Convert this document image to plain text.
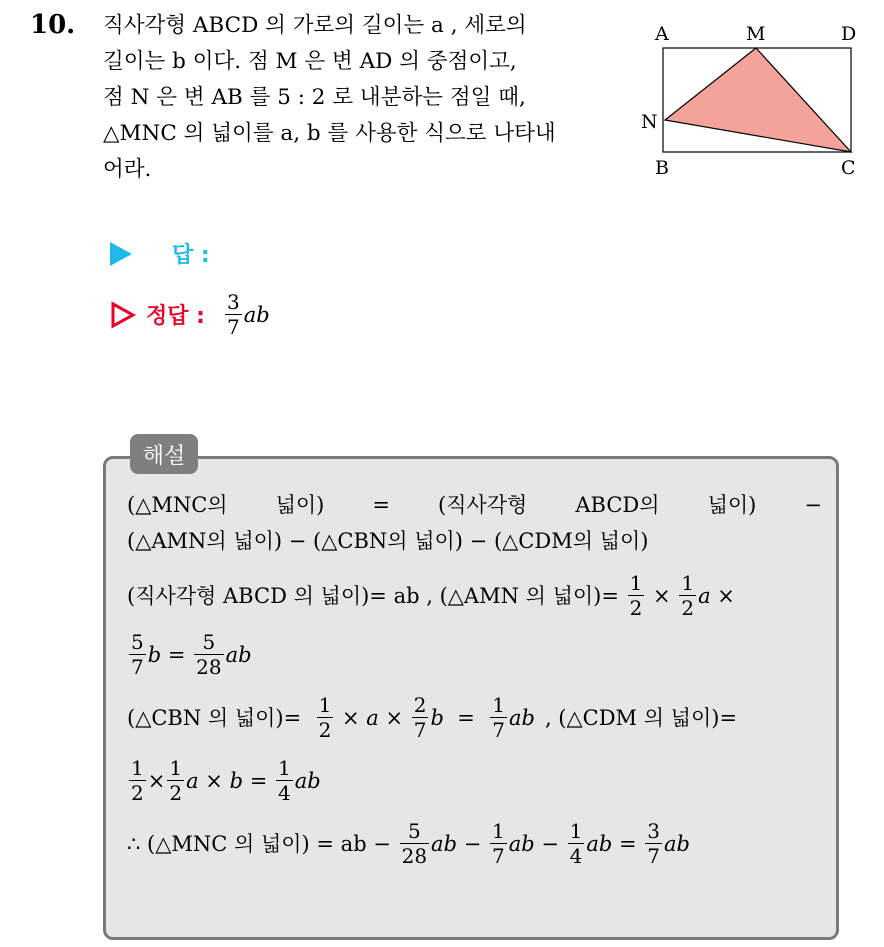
10. 직사각형 ABCD 의 가로의 길이는 a , 세로의
길이는 b 이다. 점 M 은 변 AD 의 중점이고,
점 N 은 변 AB 를 5 : 2 로 내분하는 점일 때,
△MNC 의 넓이를 a, b 를 사용한 식으로 나타내
어라.
A	M	D
N
B	C
답 :
정답 : $\frac{3}{7}$ ab
해설
(△MNC의 넓이) = (직사각형 ABCD의 넓이) −
(△AMN의 넓이) − (△CBN의 넓이) − (△CDM의 넓이)
(직사각형 ABCD 의 넓이)= ab , (△AMN 의 넓이)=
$\frac{1}{2} \times \frac{1}{2}$ a ×
$\frac{5}{7}$ b =
$\frac{5}{28}$ ab
(△CBN 의 넓이)=
$\frac{1}{2} \times a \times \frac{2}{7}$ $b = \frac{1}{7}$ ab , (△CDM 의 넓이)=
$\frac{1}{2} \times \frac{1}{2}$ $a \times b = \frac{1}{4}$ ab
∴ (△MNC 의 넓이) = ab −
$\frac{5}{28}$ ab − $\frac{1}{7}$ ab − $\frac{1}{4}$ ab = $\frac{3}{7}$ ab
